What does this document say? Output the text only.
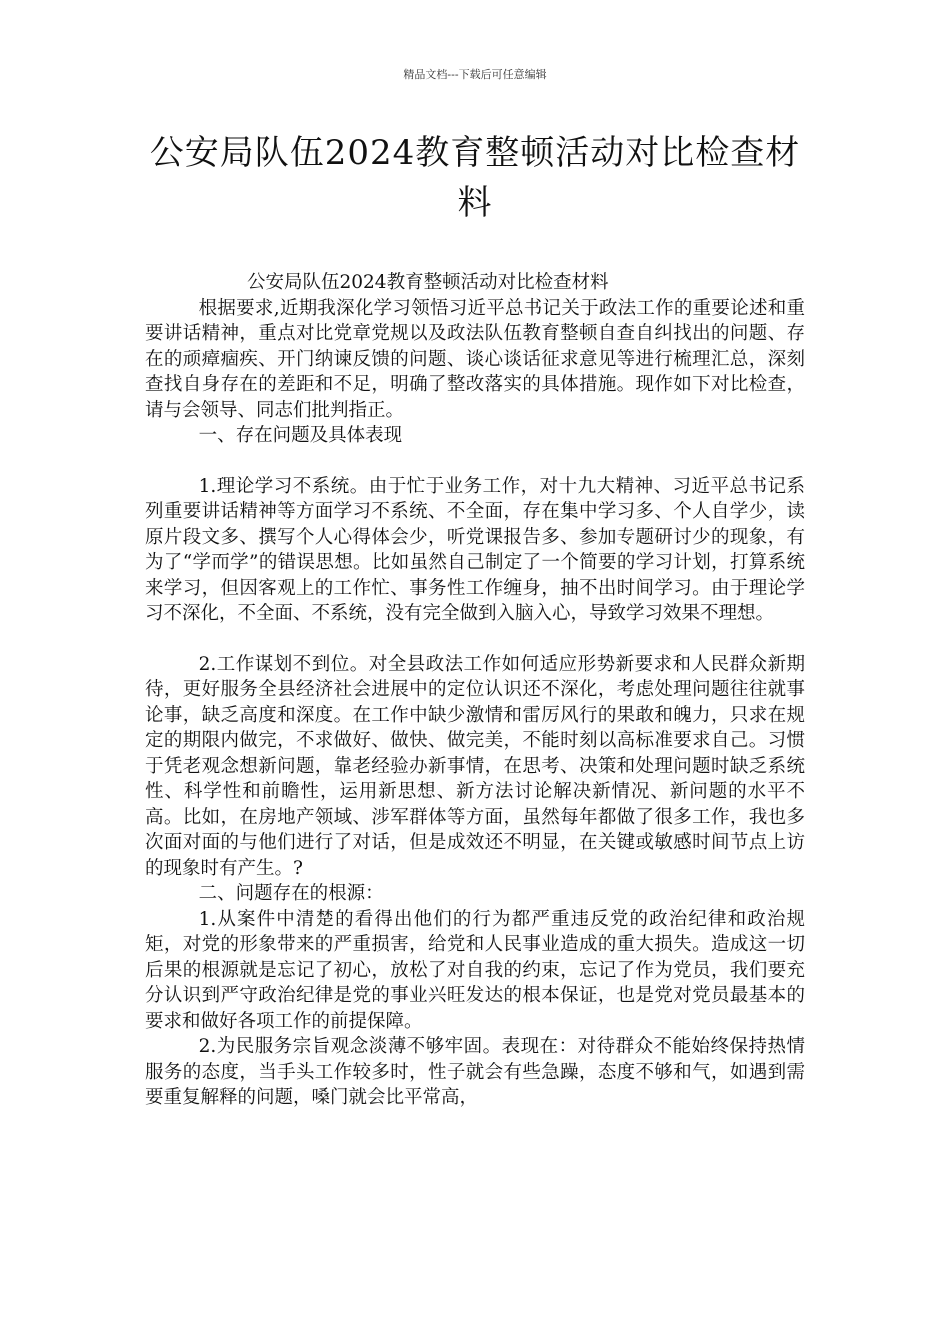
精品文档---下载后可任意编辑
公安局队伍2024教育整顿活动对比检查材料

公安局队伍2024教育整顿活动对比检查材料

根据要求,近期我深化学习领悟习近平总书记关于政法工作的重要论述和重要讲话精神，重点对比党章党规以及政法队伍教育整顿自查自纠找出的问题、存在的顽瘴痼疾、开门纳谏反馈的问题、谈心谈话征求意见等进行梳理汇总，深刻查找自身存在的差距和不足，明确了整改落实的具体措施。现作如下对比检查，请与会领导、同志们批判指正。

一、存在问题及具体表现

1.理论学习不系统。由于忙于业务工作，对十九大精神、习近平总书记系列重要讲话精神等方面学习不系统、不全面，存在集中学习多、个人自学少，读原片段文多、撰写个人心得体会少，听党课报告多、参加专题研讨少的现象，有为了“学而学”的错误思想。比如虽然自己制定了一个简要的学习计划，打算系统来学习，但因客观上的工作忙、事务性工作缠身，抽不出时间学习。由于理论学习不深化，不全面、不系统，没有完全做到入脑入心，导致学习效果不理想。

2.工作谋划不到位。对全县政法工作如何适应形势新要求和人民群众新期待，更好服务全县经济社会进展中的定位认识还不深化，考虑处理问题往往就事论事，缺乏高度和深度。在工作中缺少激情和雷厉风行的果敢和魄力，只求在规定的期限内做完，不求做好、做快、做完美，不能时刻以高标准要求自己。习惯于凭老观念想新问题，靠老经验办新事情，在思考、决策和处理问题时缺乏系统性、科学性和前瞻性，运用新思想、新方法讨论解决新情况、新问题的水平不高。比如，在房地产领域、涉军群体等方面，虽然每年都做了很多工作，我也多次面对面的与他们进行了对话，但是成效还不明显，在关键或敏感时间节点上访的现象时有产生。?

二、问题存在的根源：

1.从案件中清楚的看得出他们的行为都严重违反党的政治纪律和政治规矩，对党的形象带来的严重损害，给党和人民事业造成的重大损失。造成这一切后果的根源就是忘记了初心，放松了对自我的约束，忘记了作为党员，我们要充分认识到严守政治纪律是党的事业兴旺发达的根本保证，也是党对党员最基本的要求和做好各项工作的前提保障。

2.为民服务宗旨观念淡薄不够牢固。表现在：对待群众不能始终保持热情服务的态度，当手头工作较多时，性子就会有些急躁，态度不够和气，如遇到需要重复解释的问题，嗓门就会比平常高，
